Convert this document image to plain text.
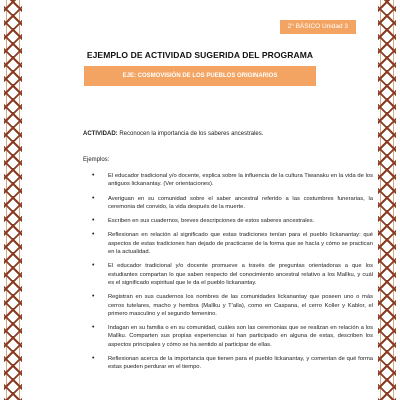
2° BÁSICO Unidad 3
EJEMPLO DE ACTIVIDAD SUGERIDA DEL PROGRAMA
EJE: COSMOVISIÓN DE LOS PUEBLOS ORIGINARIOS
ACTIVIDAD: Reconocen la importancia de los saberes ancestrales.
Ejemplos:
• El educador tradicional y/o docente, explica sobre la influencia de la cultura Tiwanaku en la vida de los antiguos lickanantay. (Ver orientaciones).
• Averiguan en su comunidad sobre el saber ancestral referido a las costumbres funerarias, la ceremonia del convido, la vida después de la muerte.
• Escriben en sus cuadernos, breves descripciones de estos saberes ancestrales.
• Reflexionan en relación al significado que estas tradiciones tenían para el pueblo lickanantay: qué aspectos de estas tradiciones han dejado de practicarse de la forma que se hacía y cómo se practican en la actualidad.
• El educador tradicional y/o docente promueve a través de preguntas orientadoras a que los estudiantes compartan lo que saben respecto del conocimiento ancestral relativo a los Mallku, y cuál es el significado espiritual que le da el pueblo lickanantay.
• Registran en sus cuadernos los nombres de las comunidades lickanantay que poseen uno o más cerros tutelares, macho y hembra (Mallku y T'alla), como en Caspana, el cerro Koller y Kablor, el primero masculino y el segundo femenino.
• Indagan en su familia o en su comunidad, cuáles son las ceremonias que se realizan en relación a los Mallku. Comparten sus propias experiencias si han participado en alguna de estas, describen los aspectos principales y cómo se ha sentido al participar de ellas.
• Reflexionan acerca de la importancia que tienen para el pueblo lickanantay, y comentan de qué forma estas pueden perdurar en el tiempo.
